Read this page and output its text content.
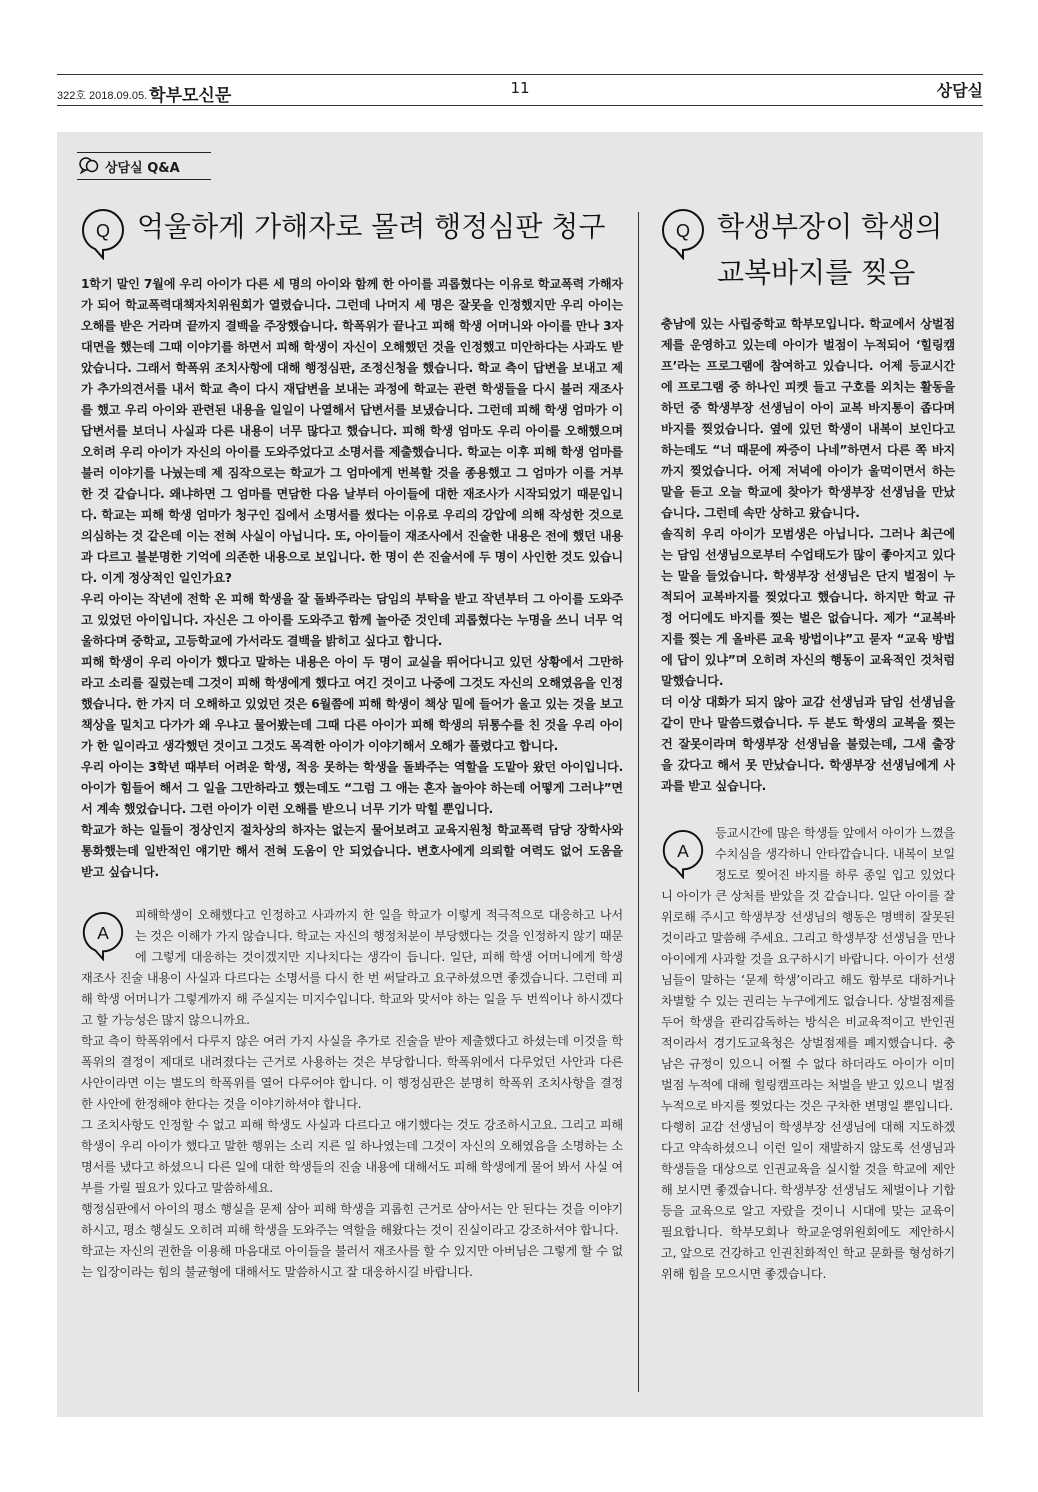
322호 2018.09.05. 학부모신문	11	상담실
상담실 Q&A
Q 억울하게 가해자로 몰려 행정심판 청구

1학기 말인 7월에 우리 아이가 다른 세 명의 아이와 함께 한 아이를 괴롭혔다는 이유로 학교폭력 가해자가 되어 학교폭력대책자치위원회가 열렸습니다. 그런데 나머지 세 명은 잘못을 인정했지만 우리 아이는 오해를 받은 거라며 끝까지 결백을 주장했습니다. 학폭위가 끝나고 피해 학생 어머니와 아이를 만나 3자 대면을 했는데 그때 이야기를 하면서 피해 학생이 자신이 오해했던 것을 인정했고 미안하다는 사과도 받았습니다. 그래서 학폭위 조치사항에 대해 행정심판, 조정신청을 했습니다. 학교 측이 답변을 보내고 제가 추가의견서를 내서 학교 측이 다시 재답변을 보내는 과정에 학교는 관련 학생들을 다시 불러 재조사를 했고 우리 아이와 관련된 내용을 일일이 나열해서 답변서를 보냈습니다. 그런데 피해 학생 엄마가 이 답변서를 보더니 사실과 다른 내용이 너무 많다고 했습니다. 피해 학생 엄마도 우리 아이를 오해했으며 오히려 우리 아이가 자신의 아이를 도와주었다고 소명서를 제출했습니다. 학교는 이후 피해 학생 엄마를 불러 이야기를 나눴는데 제 짐작으로는 학교가 그 엄마에게 번복할 것을 종용했고 그 엄마가 이를 거부한 것 같습니다. 왜냐하면 그 엄마를 면담한 다음 날부터 아이들에 대한 재조사가 시작되었기 때문입니다. 학교는 피해 학생 엄마가 청구인 집에서 소명서를 썼다는 이유로 우리의 강압에 의해 작성한 것으로 의심하는 것 같은데 이는 전혀 사실이 아닙니다. 또, 아이들이 재조사에서 진술한 내용은 전에 했던 내용과 다르고 불분명한 기억에 의존한 내용으로 보입니다. 한 명이 쓴 진술서에 두 명이 사인한 것도 있습니다. 이게 정상적인 일인가요?

우리 아이는 작년에 전학 온 피해 학생을 잘 돌봐주라는 담임의 부탁을 받고 작년부터 그 아이를 도와주고 있었던 아이입니다. 자신은 그 아이를 도와주고 함께 놀아준 것인데 괴롭혔다는 누명을 쓰니 너무 억울하다며 중학교, 고등학교에 가서라도 결백을 밝히고 싶다고 합니다.

피해 학생이 우리 아이가 했다고 말하는 내용은 아이 두 명이 교실을 뛰어다니고 있던 상황에서 그만하라고 소리를 질렀는데 그것이 피해 학생에게 했다고 여긴 것이고 나중에 그것도 자신의 오해였음을 인정했습니다. 한 가지 더 오해하고 있었던 것은 6월쯤에 피해 학생이 책상 밑에 들어가 울고 있는 것을 보고 책상을 밀치고 다가가 왜 우냐고 물어봤는데 그때 다른 아이가 피해 학생의 뒤통수를 친 것을 우리 아이가 한 일이라고 생각했던 것이고 그것도 목격한 아이가 이야기해서 오해가 풀렸다고 합니다.

우리 아이는 3학년 때부터 어려운 학생, 적응 못하는 학생을 돌봐주는 역할을 도맡아 왔던 아이입니다. 아이가 힘들어 해서 그 일을 그만하라고 했는데도 “그럼 그 애는 혼자 놀아야 하는데 어떻게 그러냐”면서 계속 했었습니다. 그런 아이가 이런 오해를 받으니 너무 기가 막힐 뿐입니다.

학교가 하는 일들이 정상인지 절차상의 하자는 없는지 물어보려고 교육지원청 학교폭력 담당 장학사와 통화했는데 일반적인 얘기만 해서 전혀 도움이 안 되었습니다. 변호사에게 의뢰할 여력도 없어 도움을 받고 싶습니다.

A

피해학생이 오해했다고 인정하고 사과까지 한 일을 학교가 이렇게 적극적으로 대응하고 나서는 것은 이해가 가지 않습니다. 학교는 자신의 행정처분이 부당했다는 것을 인정하지 않기 때문에 그렇게 대응하는 것이겠지만 지나치다는 생각이 듭니다. 일단, 피해 학생 어머니에게 학생 재조사 진술 내용이 사실과 다르다는 소명서를 다시 한 번 써달라고 요구하셨으면 좋겠습니다. 그런데 피해 학생 어머니가 그렇게까지 해 주실지는 미지수입니다. 학교와 맞서야 하는 일을 두 번씩이나 하시겠다고 할 가능성은 많지 않으니까요.

학교 측이 학폭위에서 다루지 않은 여러 가지 사실을 추가로 진술을 받아 제출했다고 하셨는데 이것을 학폭위의 결정이 제대로 내려졌다는 근거로 사용하는 것은 부당합니다. 학폭위에서 다루었던 사안과 다른 사안이라면 이는 별도의 학폭위를 열어 다루어야 합니다. 이 행정심판은 분명히 학폭위 조치사항을 결정한 사안에 한정해야 한다는 것을 이야기하셔야 합니다.

그 조치사항도 인정할 수 없고 피해 학생도 사실과 다르다고 얘기했다는 것도 강조하시고요. 그리고 피해 학생이 우리 아이가 했다고 말한 행위는 소리 지른 일 하나였는데 그것이 자신의 오해였음을 소명하는 소명서를 냈다고 하셨으니 다른 일에 대한 학생들의 진술 내용에 대해서도 피해 학생에게 물어 봐서 사실 여부를 가릴 필요가 있다고 말씀하세요.

행정심판에서 아이의 평소 행실을 문제 삼아 피해 학생을 괴롭힌 근거로 삼아서는 안 된다는 것을 이야기하시고, 평소 행실도 오히려 피해 학생을 도와주는 역할을 해왔다는 것이 진실이라고 강조하셔야 합니다.

학교는 자신의 권한을 이용해 마음대로 아이들을 불러서 재조사를 할 수 있지만 아버님은 그렇게 할 수 없는 입장이라는 힘의 불균형에 대해서도 말씀하시고 잘 대응하시길 바랍니다.

Q 학생부장이 학생의
교복바지를 찢음

충남에 있는 사립중학교 학부모입니다. 학교에서 상벌점제를 운영하고 있는데 아이가 벌점이 누적되어 ‘힐링캠프’라는 프로그램에 참여하고 있습니다. 어제 등교시간에 프로그램 중 하나인 피켓 들고 구호를 외치는 활동을 하던 중 학생부장 선생님이 아이 교복 바지통이 좁다며 바지를 찢었습니다. 옆에 있던 학생이 내복이 보인다고 하는데도 “너 때문에 짜증이 나네”하면서 다른 쪽 바지까지 찢었습니다. 어제 저녁에 아이가 울먹이면서 하는 말을 듣고 오늘 학교에 찾아가 학생부장 선생님을 만났습니다. 그런데 속만 상하고 왔습니다.

솔직히 우리 아이가 모범생은 아닙니다. 그러나 최근에는 담임 선생님으로부터 수업태도가 많이 좋아지고 있다는 말을 들었습니다. 학생부장 선생님은 단지 벌점이 누적되어 교복바지를 찢었다고 했습니다. 하지만 학교 규정 어디에도 바지를 찢는 벌은 없습니다. 제가 “교복바지를 찢는 게 올바른 교육 방법이냐”고 묻자 “교육 방법에 답이 있냐”며 오히려 자신의 행동이 교육적인 것처럼 말했습니다.

더 이상 대화가 되지 않아 교감 선생님과 담임 선생님을 같이 만나 말씀드렸습니다. 두 분도 학생의 교복을 찢는 건 잘못이라며 학생부장 선생님을 불렀는데, 그새 출장을 갔다고 해서 못 만났습니다. 학생부장 선생님에게 사과를 받고 싶습니다.

A

등교시간에 많은 학생들 앞에서 아이가 느꼈을 수치심을 생각하니 안타깝습니다. 내복이 보일 정도로 찢어진 바지를 하루 종일 입고 있었다니 아이가 큰 상처를 받았을 것 같습니다. 일단 아이를 잘 위로해 주시고 학생부장 선생님의 행동은 명백히 잘못된 것이라고 말씀해 주세요. 그리고 학생부장 선생님을 만나 아이에게 사과할 것을 요구하시기 바랍니다. 아이가 선생님들이 말하는 ‘문제 학생’이라고 해도 함부로 대하거나 차별할 수 있는 권리는 누구에게도 없습니다. 상벌점제를 두어 학생을 관리감독하는 방식은 비교육적이고 반인권적이라서 경기도교육청은 상벌점제를 폐지했습니다. 충남은 규정이 있으니 어쩔 수 없다 하더라도 아이가 이미 벌점 누적에 대해 힐링캠프라는 처벌을 받고 있으니 벌점 누적으로 바지를 찢었다는 것은 구차한 변명일 뿐입니다.

다행히 교감 선생님이 학생부장 선생님에 대해 지도하겠다고 약속하셨으니 이런 일이 재발하지 않도록 선생님과 학생들을 대상으로 인권교육을 실시할 것을 학교에 제안해 보시면 좋겠습니다. 학생부장 선생님도 체벌이나 기합 등을 교육으로 알고 자랐을 것이니 시대에 맞는 교육이 필요합니다. 학부모회나 학교운영위원회에도 제안하시고, 앞으로 건강하고 인권친화적인 학교 문화를 형성하기 위해 힘을 모으시면 좋겠습니다.
